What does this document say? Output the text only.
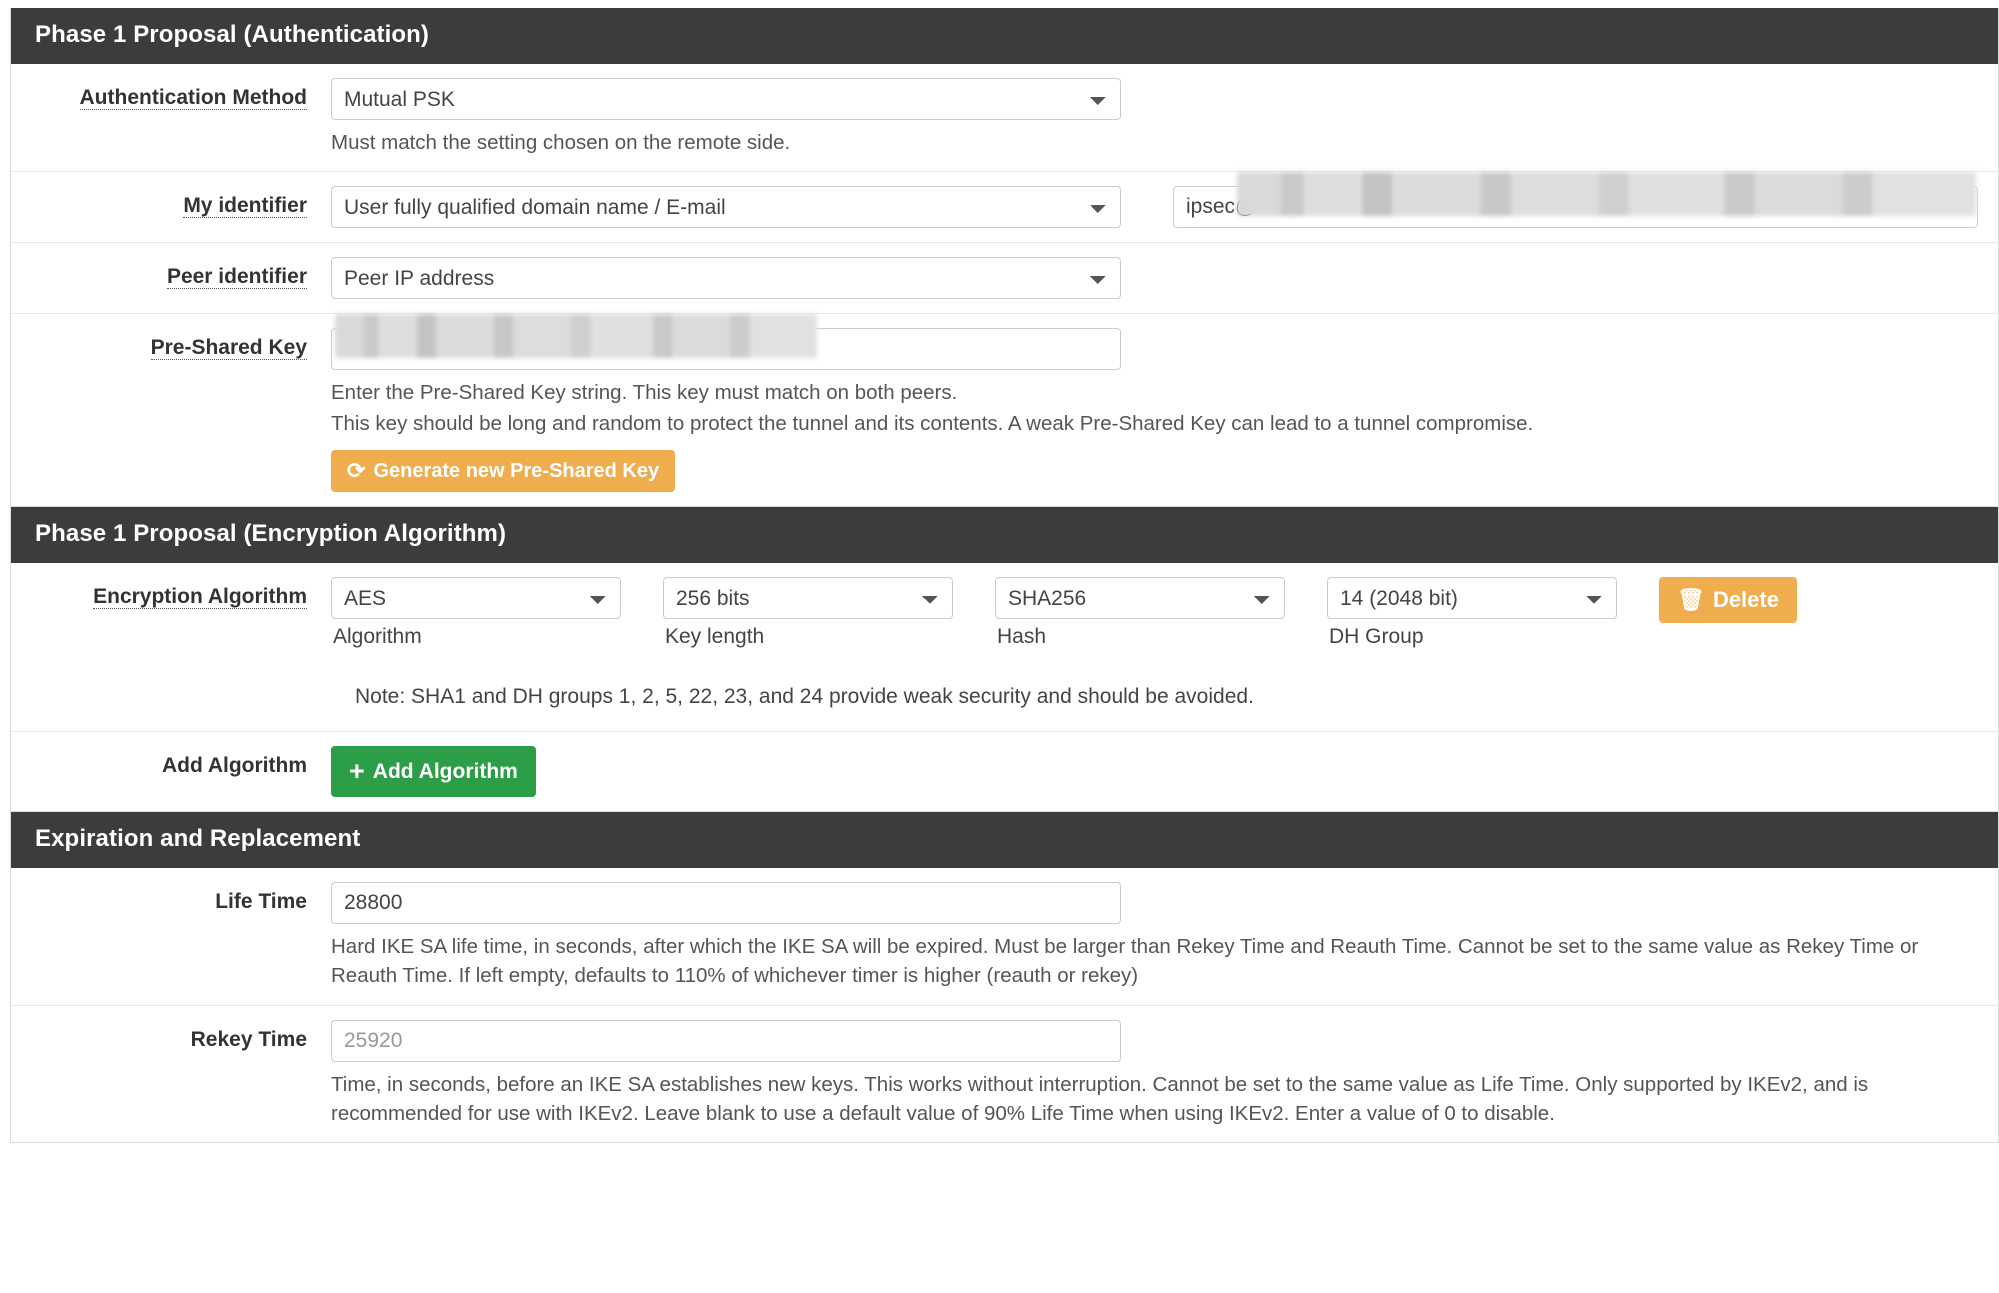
Phase 1 Proposal (Authentication)
Authentication Method
Mutual PSK
Must match the setting chosen on the remote side.
My identifier
User fully qualified domain name / E-mail
ipsec@
Peer identifier
Peer IP address
Pre-Shared Key
Enter the Pre-Shared Key string. This key must match on both peers.
This key should be long and random to protect the tunnel and its contents. A weak Pre-Shared Key can lead to a tunnel compromise.
⟳ Generate new Pre-Shared Key
Phase 1 Proposal (Encryption Algorithm)
Encryption Algorithm
AES
Algorithm
256 bits	Key length
SHA256	Hash
14 (2048 bit)	DH Group
🗑 Delete
Note: SHA1 and DH groups 1, 2, 5, 22, 23, and 24 provide weak security and should be avoided.
Add Algorithm	+ Add Algorithm
Expiration and Replacement
Life Time
28800
Hard IKE SA life time, in seconds, after which the IKE SA will be expired. Must be larger than Rekey Time and Reauth Time. Cannot be set to the same value as Rekey Time or Reauth Time. If left empty, defaults to 110% of whichever timer is higher (reauth or rekey)
Rekey Time
25920
Time, in seconds, before an IKE SA establishes new keys. This works without interruption. Cannot be set to the same value as Life Time. Only supported by IKEv2, and is recommended for use with IKEv2. Leave blank to use a default value of 90% Life Time when using IKEv2. Enter a value of 0 to disable.
